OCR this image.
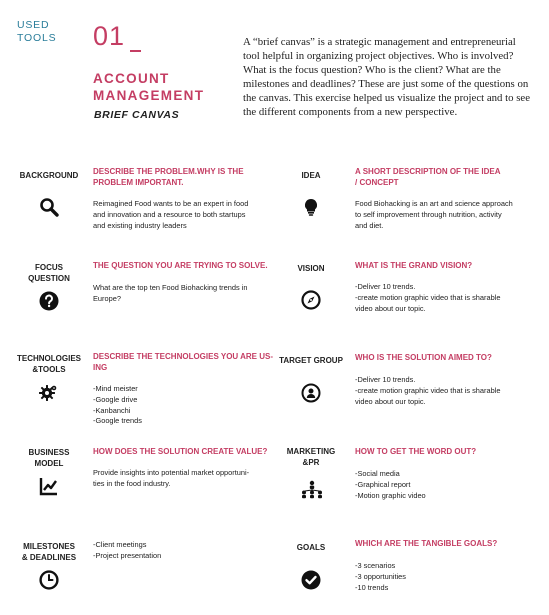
USED
TOOLS 01
ACCOUNT
MANAGEMENT
BRIEF CANVAS
A “brief canvas” is a strategic management and entrepreneurial tool helpful in organizing project objectives. Who is involved? What is the focus question? Who is the client? What are the milestones and deadlines? These are just some of the questions on the canvas. This exercise helped us visualize the project and to see the different components from a new perspective.
BACKGROUND	DESCRIBE THE PROBLEM.WHY IS THE
PROBLEM IMPORTANT.
Reimagined Food wants to be an expert in food
and innovation and a resource to both startups
and existing industry leaders
IDEA	A SHORT DESCRIPTION OF THE IDEA
/ CONCEPT
Food Biohacking is an art and science approach
to self improvement through nutrition, activity
and diet.
FOCUS
QUESTION
THE QUESTION YOU ARE TRYING TO SOLVE.
What are the top ten Food Biohacking trends in
Europe?
VISION	WHAT IS THE GRAND VISION?
-Deliver 10 trends.
-create motion graphic video that is sharable
video about our topic.
TECHNOLOGIES
&TOOLS
DESCRIBE THE TECHNOLOGIES YOU ARE US-
ING
-Mind meister
-Google drive
-Kanbanchi
-Google trends
TARGET GROUP	WHO IS THE SOLUTION AIMED TO?
-Deliver 10 trends.
-create motion graphic video that is sharable
video about our topic.
BUSINESS
MODEL
HOW DOES THE SOLUTION CREATE VALUE?
Provide insights into potential market opportuni-
ties in the food industry.
MARKETING
&PR
HOW TO GET THE WORD OUT?
-Social media
-Graphical report
-Motion graphic video
MILESTONES
& DEADLINES
-Client meetings
-Project presentation
GOALS	WHICH ARE THE TANGIBLE GOALS?
-3 scenarios
-3 opportunities
-10 trends
